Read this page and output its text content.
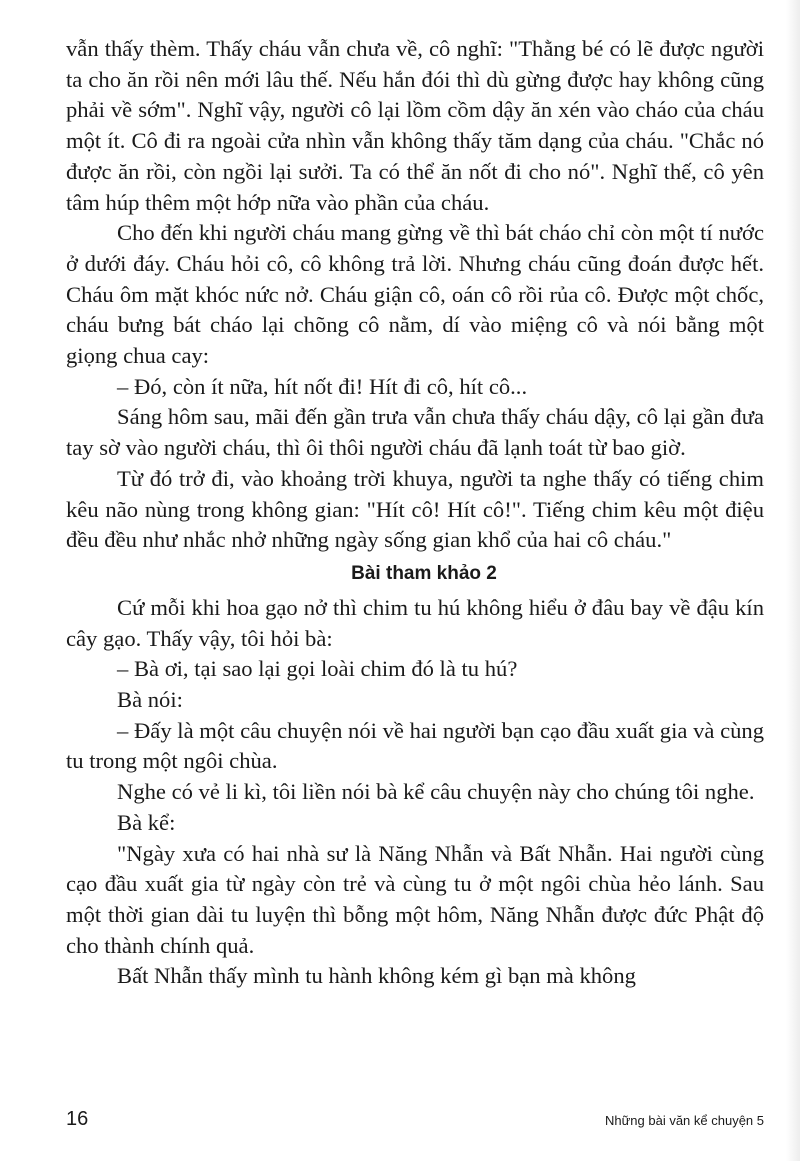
vẫn thấy thèm. Thấy cháu vẫn chưa về, cô nghĩ: "Thằng bé có lẽ được người ta cho ăn rồi nên mới lâu thế. Nếu hắn đói thì dù gừng được hay không cũng phải về sớm". Nghĩ vậy, người cô lại lồm cồm dậy ăn xén vào cháo của cháu một ít. Cô đi ra ngoài cửa nhìn vẫn không thấy tăm dạng của cháu. "Chắc nó được ăn rồi, còn ngồi lại sưởi. Ta có thể ăn nốt đi cho nó". Nghĩ thế, cô yên tâm húp thêm một hớp nữa vào phần của cháu.

Cho đến khi người cháu mang gừng về thì bát cháo chỉ còn một tí nước ở dưới đáy. Cháu hỏi cô, cô không trả lời. Nhưng cháu cũng đoán được hết. Cháu ôm mặt khóc nức nở. Cháu giận cô, oán cô rồi rủa cô. Được một chốc, cháu bưng bát cháo lại chõng cô nằm, dí vào miệng cô và nói bằng một giọng chua cay:

– Đó, còn ít nữa, hít nốt đi! Hít đi cô, hít cô...

Sáng hôm sau, mãi đến gần trưa vẫn chưa thấy cháu dậy, cô lại gần đưa tay sờ vào người cháu, thì ôi thôi người cháu đã lạnh toát từ bao giờ.

Từ đó trở đi, vào khoảng trời khuya, người ta nghe thấy có tiếng chim kêu não nùng trong không gian: "Hít cô! Hít cô!". Tiếng chim kêu một điệu đều đều như nhắc nhở những ngày sống gian khổ của hai cô cháu."

Bài tham khảo 2

Cứ mỗi khi hoa gạo nở thì chim tu hú không hiểu ở đâu bay về đậu kín cây gạo. Thấy vậy, tôi hỏi bà:

– Bà ơi, tại sao lại gọi loài chim đó là tu hú?

Bà nói:

– Đấy là một câu chuyện nói về hai người bạn cạo đầu xuất gia và cùng tu trong một ngôi chùa.

Nghe có vẻ li kì, tôi liền nói bà kể câu chuyện này cho chúng tôi nghe.

Bà kể:

"Ngày xưa có hai nhà sư là Năng Nhẫn và Bất Nhẫn. Hai người cùng cạo đầu xuất gia từ ngày còn trẻ và cùng tu ở một ngôi chùa hẻo lánh. Sau một thời gian dài tu luyện thì bỗng một hôm, Năng Nhẫn được đức Phật độ cho thành chính quả.

Bất Nhẫn thấy mình tu hành không kém gì bạn mà không

16	Những bài văn kể chuyện 5
